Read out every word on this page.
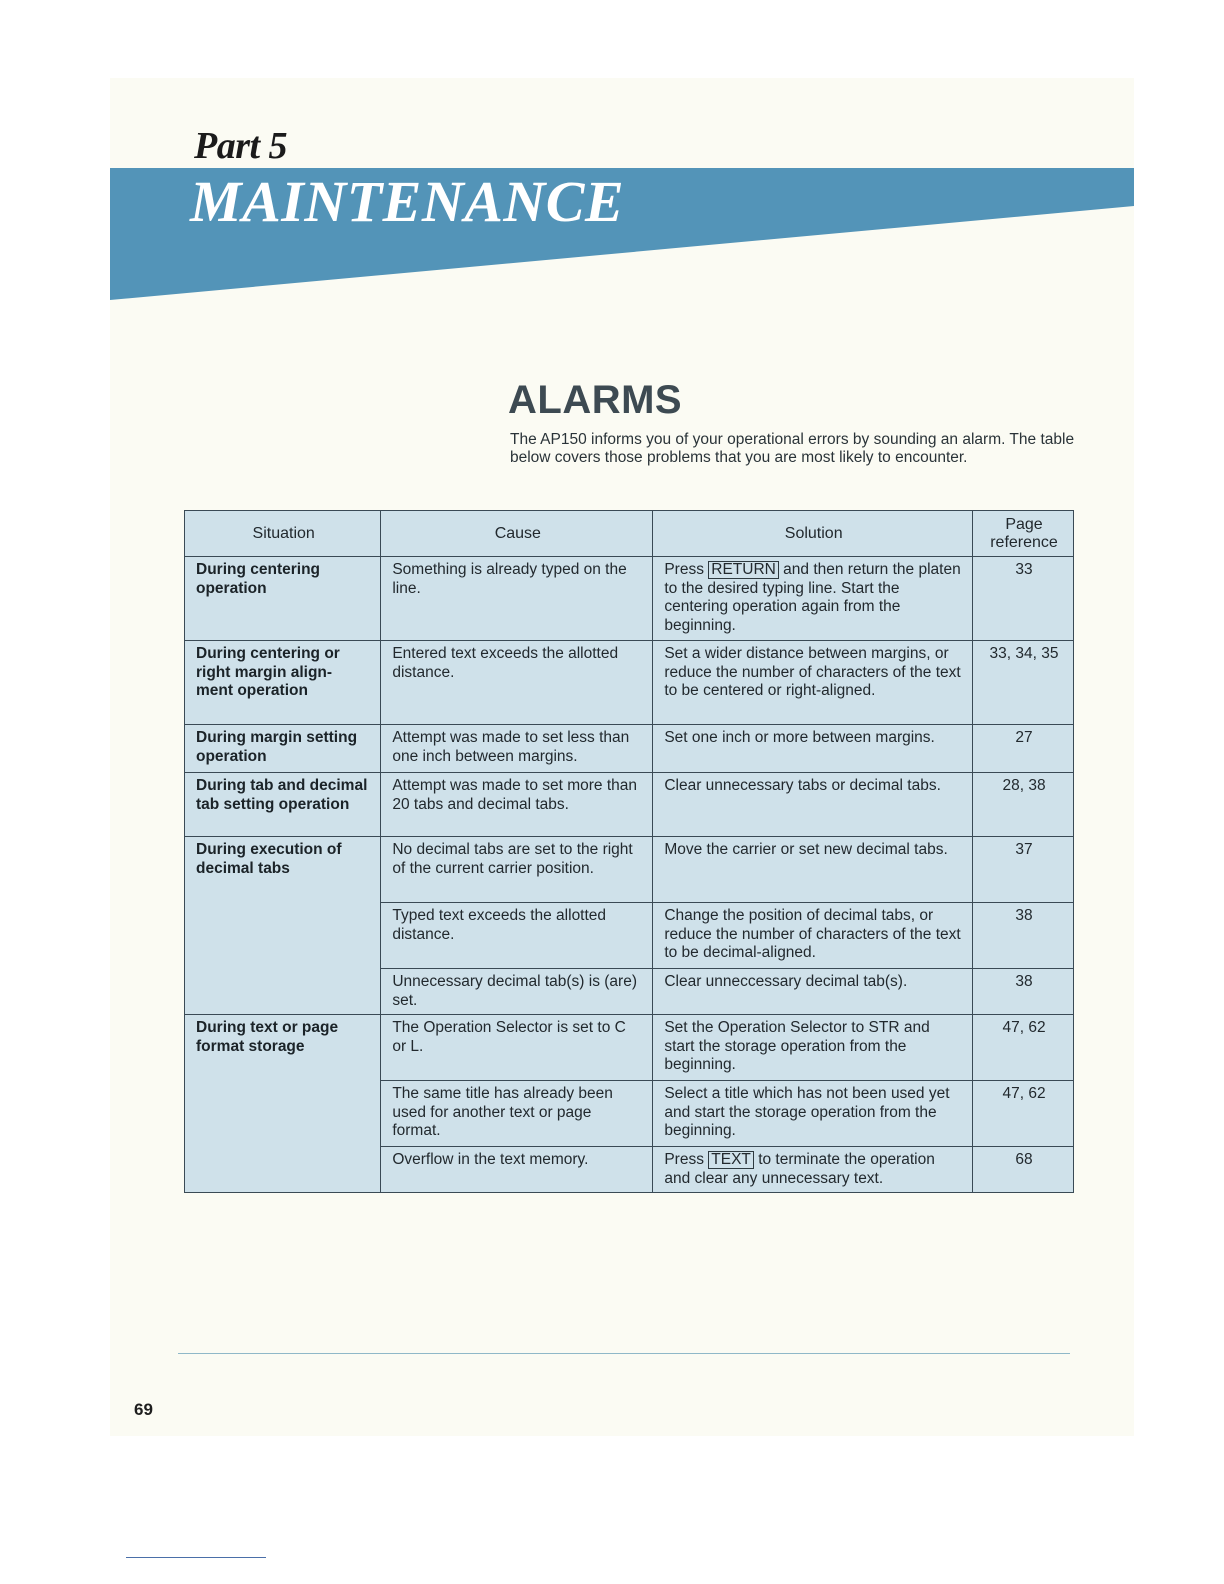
Part 5
MAINTENANCE
ALARMS
The AP150 informs you of your operational errors by sounding an alarm. The table below covers those problems that you are most likely to encounter.
Situation	Cause	Solution	Page reference
During centering operation	Something is already typed on the line.	Press RETURN and then return the platen to the desired typing line. Start the centering operation again from the beginning.	33
During centering or right margin align- ment operation	Entered text exceeds the allotted distance.	Set a wider distance between margins, or reduce the number of characters of the text to be centered or right-aligned.	33, 34, 35
During margin setting operation	Attempt was made to set less than one inch between margins.	Set one inch or more between margins.	27
During tab and decimal tab setting operation	Attempt was made to set more than 20 tabs and decimal tabs.	Clear unnecessary tabs or decimal tabs.	28, 38
During execution of decimal tabs	No decimal tabs are set to the right of the current carrier position.	Move the carrier or set new decimal tabs.	37
	Typed text exceeds the allotted distance.	Change the position of decimal tabs, or reduce the number of characters of the text to be decimal-aligned.	38
	Unnecessary decimal tab(s) is (are) set.	Clear unneccessary decimal tab(s).	38
During text or page format storage	The Operation Selector is set to C or L.	Set the Operation Selector to STR and start the storage operation from the beginning.	47, 62
	The same title has already been used for another text or page format.	Select a title which has not been used yet and start the storage operation from the beginning.	47, 62
	Overflow in the text memory.	Press TEXT to terminate the operation and clear any unnecessary text.	68
69
